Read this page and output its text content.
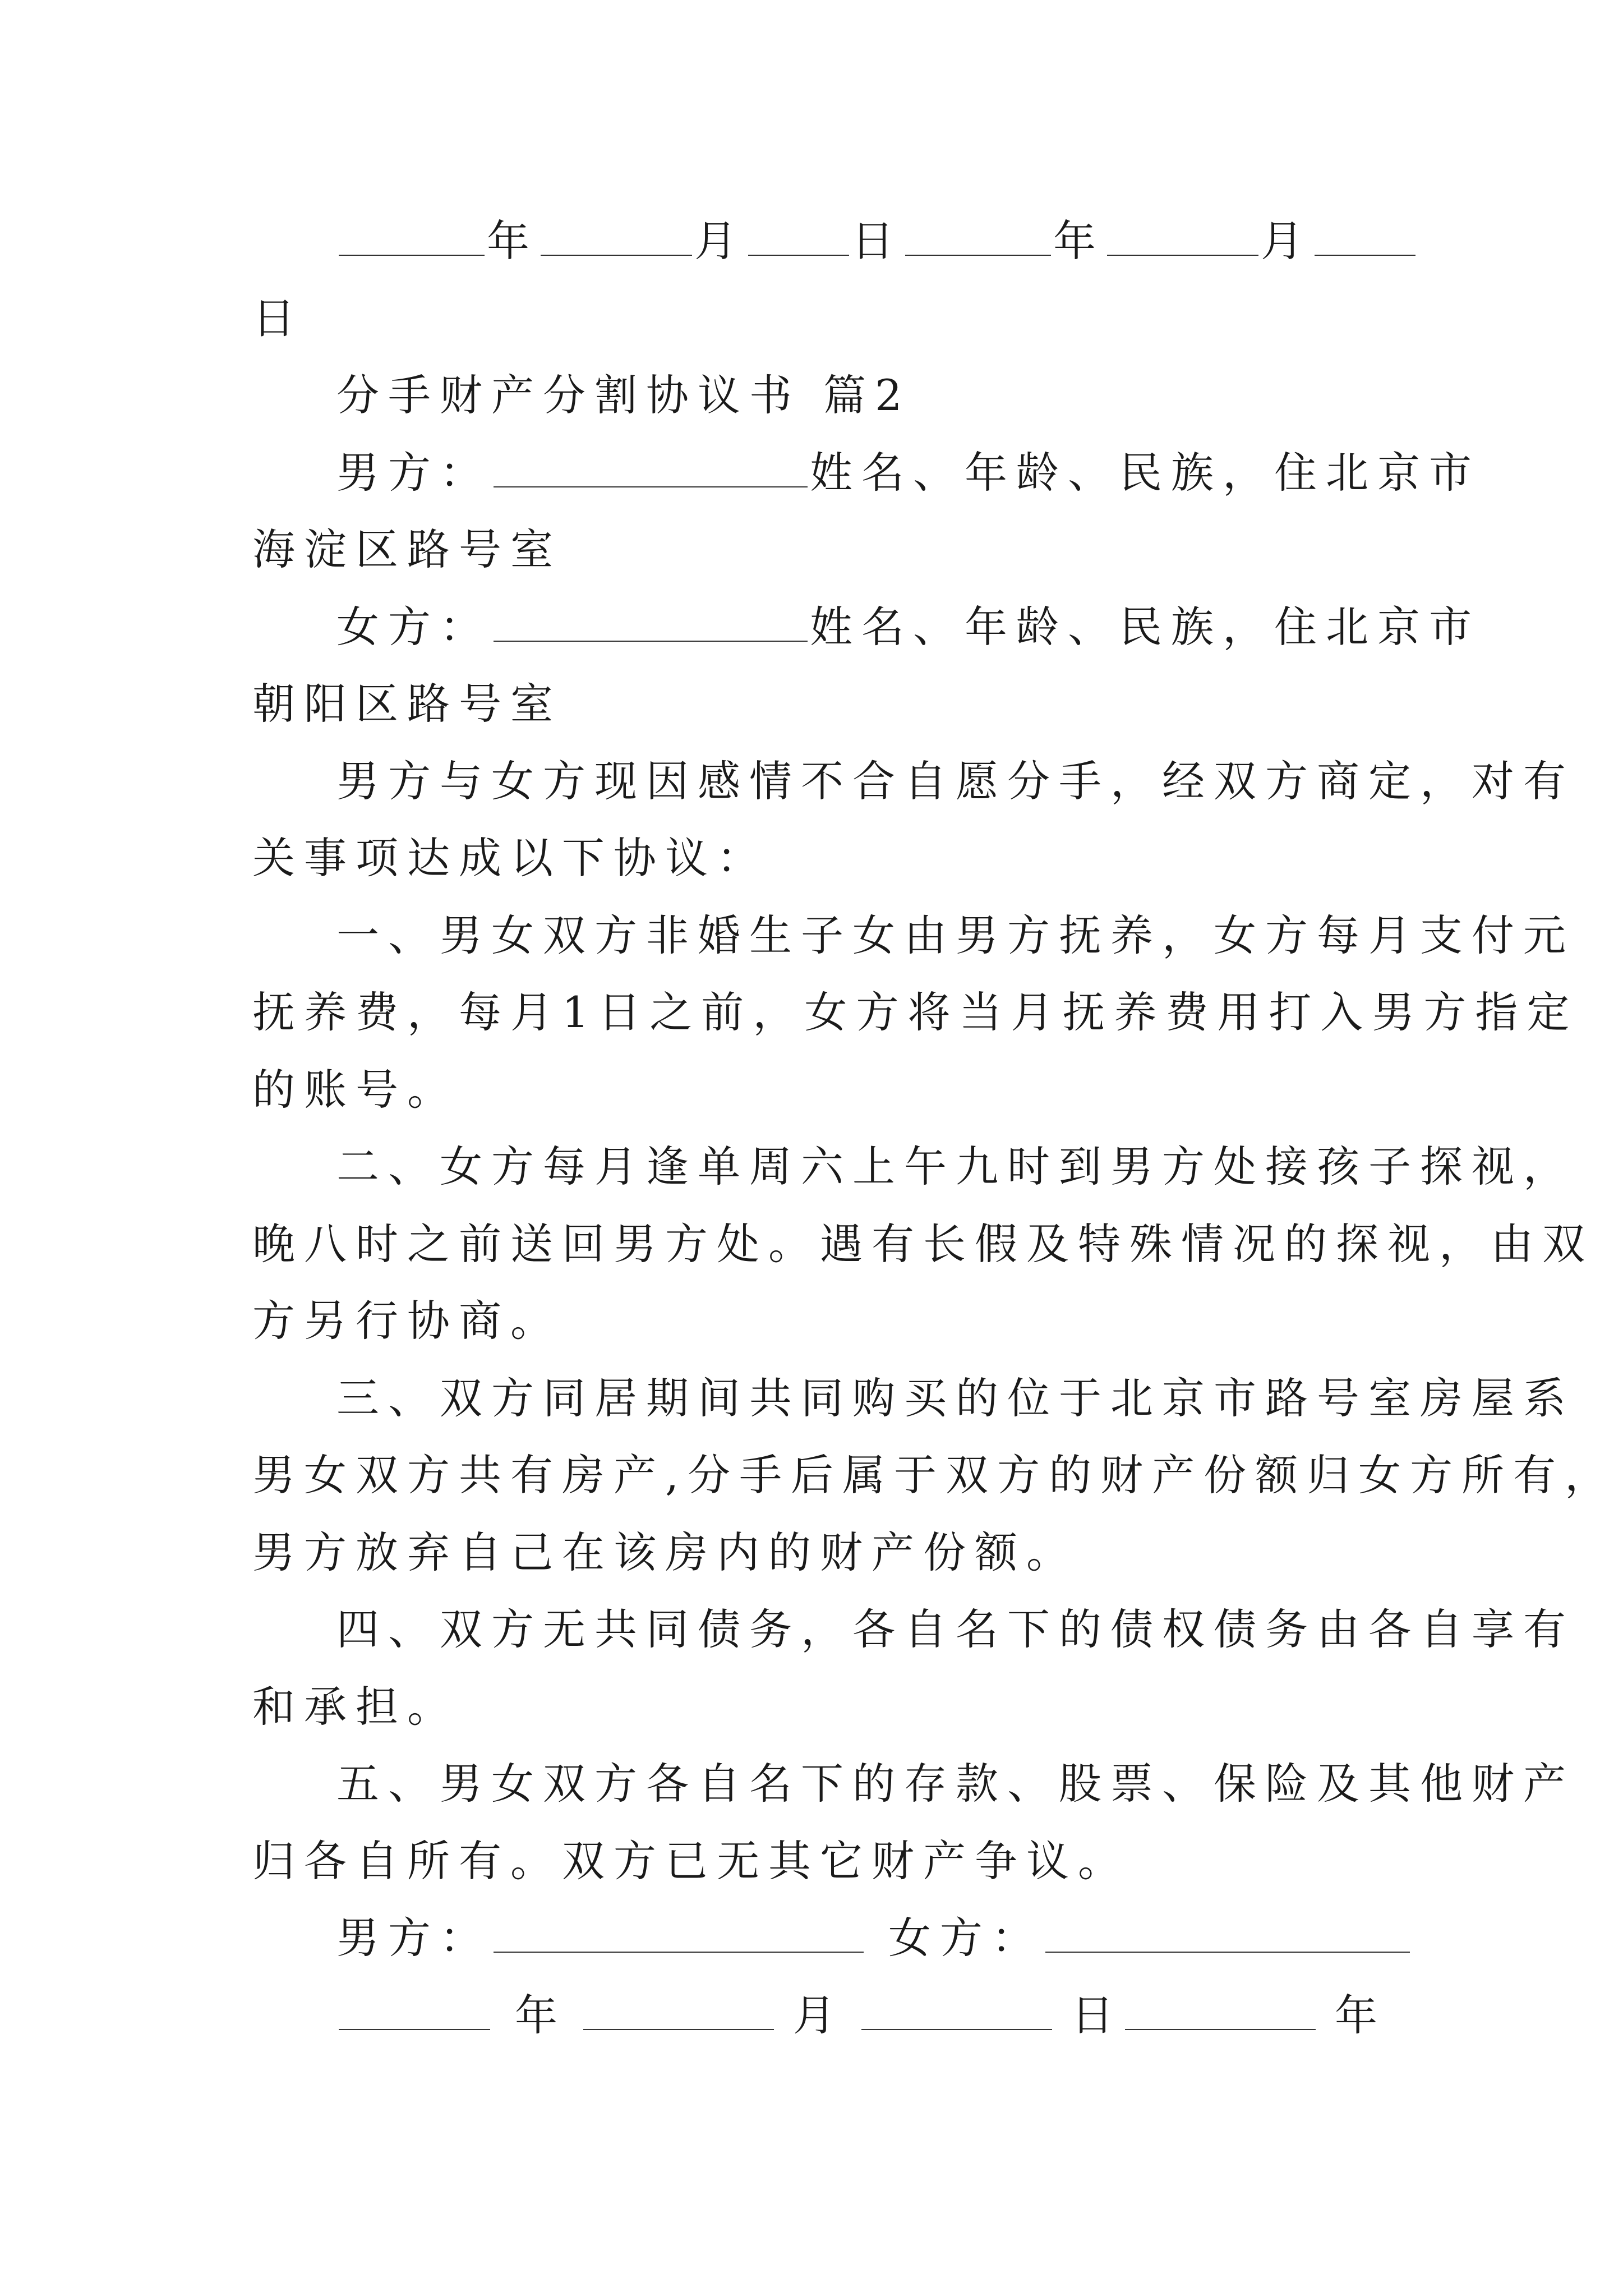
年	月 日	年	月
日
分手财产分割协议书 篇2
男方：	姓名、年龄、民族，住北京市
海淀区路号室
女方：	姓名、年龄、民族，住北京市
朝阳区路号室
男方与女方现因感情不合自愿分手，经双方商定，对有
关事项达成以下协议：
一、男女双方非婚生子女由男方抚养，女方每月支付元
抚养费，每月1日之前，女方将当月抚养费用打入男方指定
的账号。
二、女方每月逢单周六上午九时到男方处接孩子探视，
晚八时之前送回男方处。遇有长假及特殊情况的探视，由双
方另行协商。
三、双方同居期间共同购买的位于北京市路号室房屋系
男女双方共有房产,分手后属于双方的财产份额归女方所有，
男方放弃自己在该房内的财产份额。
四、双方无共同债务，各自名下的债权债务由各自享有
和承担。
五、男女双方各自名下的存款、股票、保险及其他财产
归各自所有。双方已无其它财产争议。
男方：	女方：
年	月	日	年
